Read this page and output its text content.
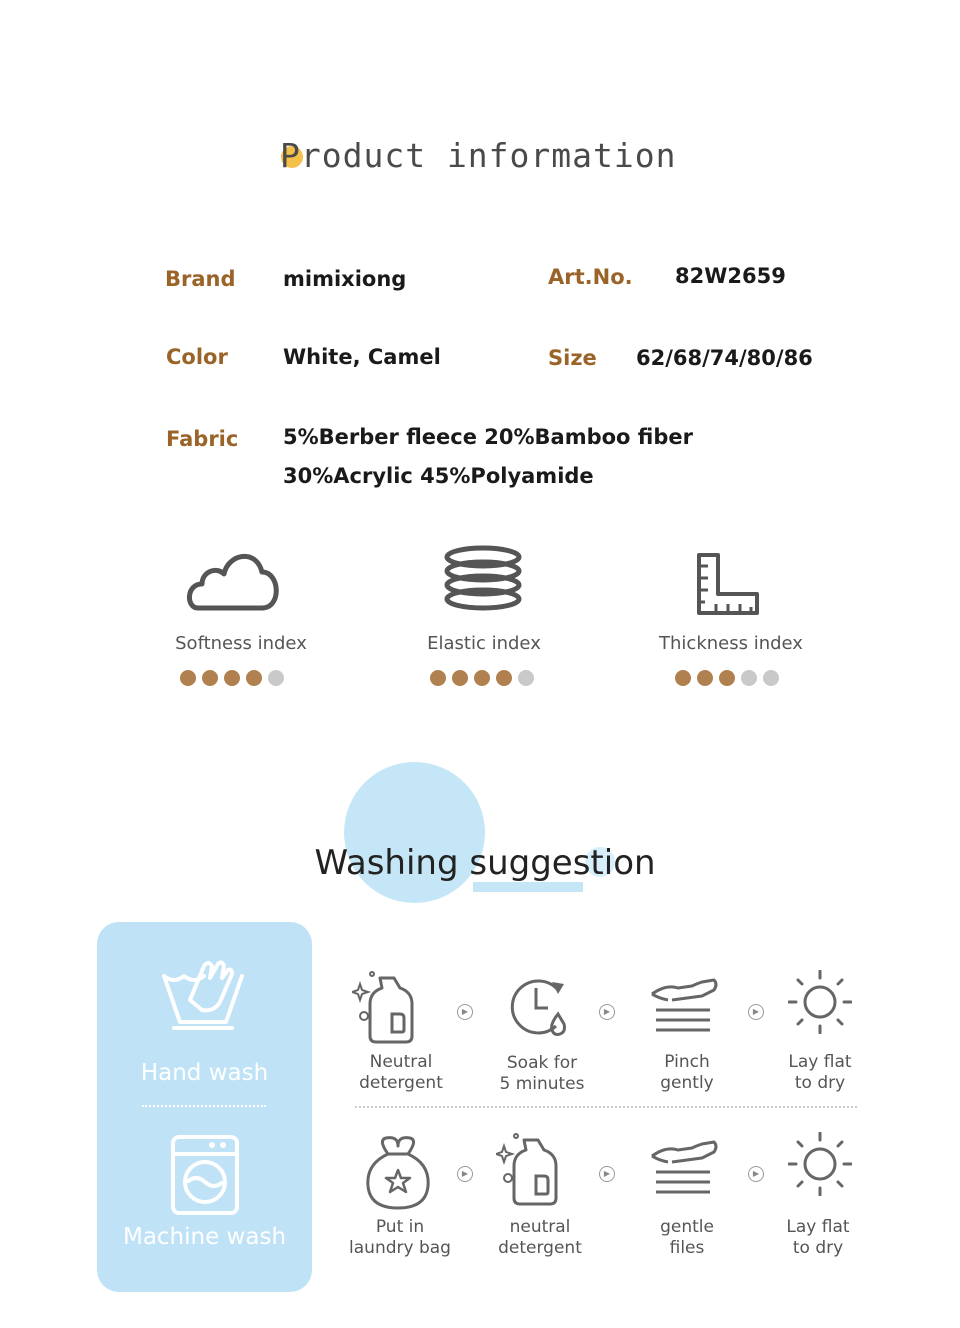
Product information
Brand mimixiong	Art.No. 82W2659
Color	White, Camel	Size 62/68/74/80/86
Fabric 5%Berber fleece 20%Bamboo fiber
30%Acrylic 45%Polyamide
Softness index	Elastic index	Thickness index
Washing suggestion
Hand wash
Machine wash
▶	▶	▶
Neutral
detergent
Soak for
5 minutes
Pinch
gently
Lay flat
to dry
▶	▶	▶
Put in
laundry bag
neutral
detergent
gentle
files
Lay flat
to dry
